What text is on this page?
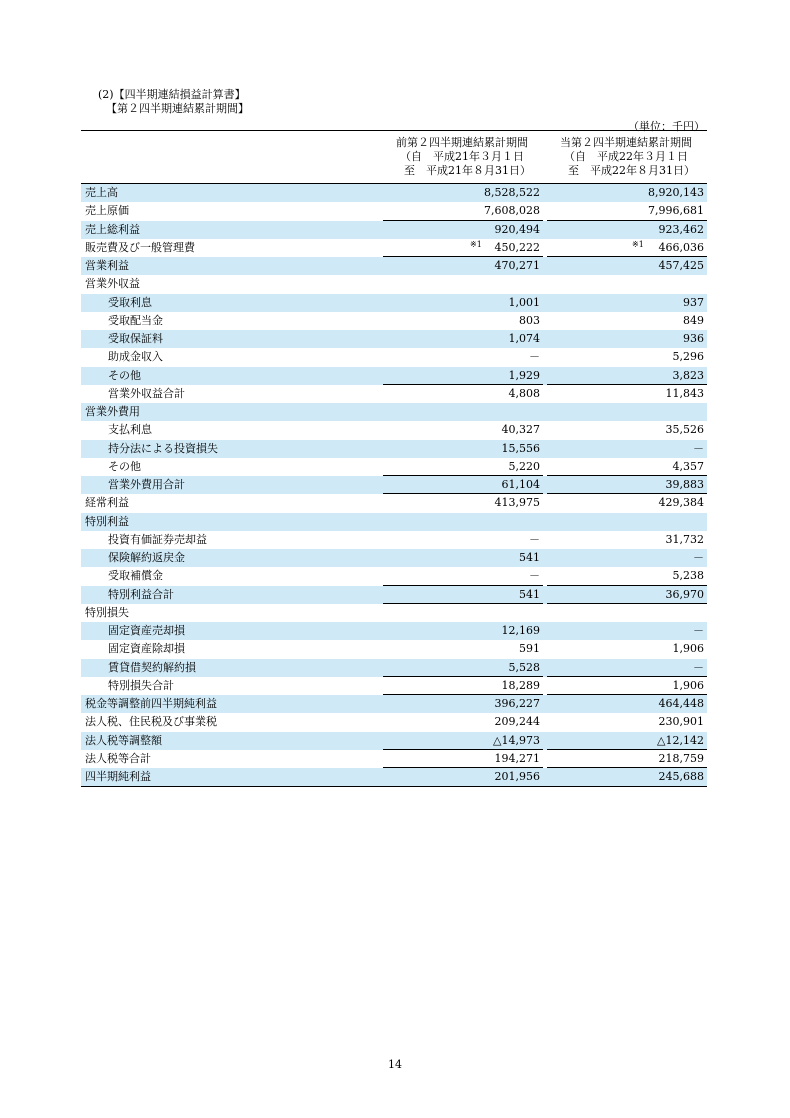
(2)【四半期連結損益計算書】
【第２四半期連結累計期間】
（単位：千円）
前第２四半期連結累計期間
（自　平成21年３月１日
　至　平成21年８月31日）
当第２四半期連結累計期間
（自　平成22年３月１日
　至　平成22年８月31日）
売上高	8,528,522	8,920,143
売上原価	7,608,028	7,996,681
売上総利益	920,494	923,462
販売費及び一般管理費	※1	450,222	※1	466,036
営業利益	470,271	457,425
営業外収益
受取利息	1,001	937
受取配当金	803	849
受取保証料	1,074	936
助成金収入	－	5,296
その他	1,929	3,823
営業外収益合計	4,808	11,843
営業外費用
支払利息	40,327	35,526
持分法による投資損失	15,556	－
その他	5,220	4,357
営業外費用合計	61,104	39,883
経常利益	413,975	429,384
特別利益
投資有価証券売却益	－	31,732
保険解約返戻金	541	－
受取補償金	－	5,238
特別利益合計	541	36,970
特別損失
固定資産売却損	12,169	－
固定資産除却損	591	1,906
賃貸借契約解約損	5,528	－
特別損失合計	18,289	1,906
税金等調整前四半期純利益	396,227	464,448
法人税、住民税及び事業税	209,244	230,901
法人税等調整額	△14,973	△12,142
法人税等合計	194,271	218,759
四半期純利益	201,956	245,688
14
